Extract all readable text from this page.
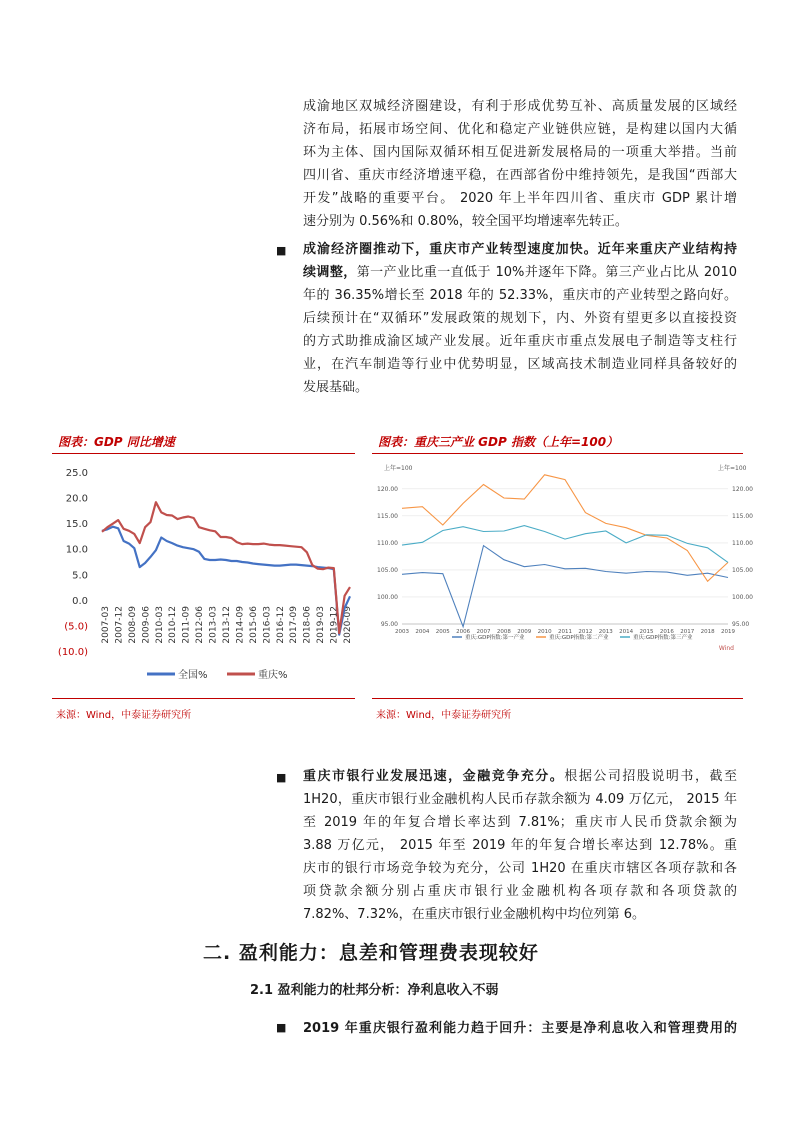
成渝地区双城经济圈建设，有利于形成优势互补、高质量发展的区域经
济布局，拓展市场空间、优化和稳定产业链供应链，是构建以国内大循
环为主体、国内国际双循环相互促进新发展格局的一项重大举措。当前
四川省、重庆市经济增速平稳，在西部省份中维持领先，是我国“西部大
开发”战略的重要平台。 2020 年上半年四川省、重庆市 GDP 累计增
速分别为 0.56%和 0.80%，较全国平均增速率先转正。
■ 成渝经济圈推动下，重庆市产业转型速度加快。近年来重庆产业结构持
续调整，第一产业比重一直低于 10%并逐年下降。第三产业占比从 2010
年的 36.35%增长至 2018 年的 52.33%，重庆市的产业转型之路向好。
后续预计在“双循环”发展政策的规划下，内、外资有望更多以直接投资
的方式助推成渝区域产业发展。近年重庆市重点发展电子制造等支柱行
业，在汽车制造等行业中优势明显，区域高技术制造业同样具备较好的
发展基础。
图表：GDP 同比增速
25.0
20.0
15.0
10.0
5.0
0.0
(5.0)
(10.0)
2007-03 2007-12 2008-09 2009-06 2010-03 2010-12 2011-09 2012-06 2013-03 2013-12 2014-09 2015-06 2016-03 2016-12 2017-09 2018-06 2019-03 2019-12 2020-09
全国%	重庆%
来源：Wind，中泰证券研究所
图表：重庆三产业 GDP 指数（上年=100）
上年=100	上年=100
120.00	120.00
115.00	115.00
110.00	110.00
105.00	105.00
100.00	100.00
95.00	95.00
2003 2004 2005 2006 2007 2008 2009 2010 2011 2012 2013 2014 2015 2016 2017 2018 2019
重庆:GDP指数:第一产业	重庆:GDP指数:第二产业	重庆:GDP指数:第三产业
Wind
来源：Wind，中泰证券研究所
■ 重庆市银行业发展迅速，金融竞争充分。根据公司招股说明书，截至
1H20，重庆市银行业金融机构人民币存款余额为 4.09 万亿元， 2015 年
至 2019 年的年复合增长率达到 7.81%；重庆市人民币贷款余额为
3.88 万亿元， 2015 年至 2019 年的年复合增长率达到 12.78%。重
庆市的银行市场竞争较为充分，公司 1H20 在重庆市辖区各项存款和各
项贷款余额分别占重庆市银行业金融机构各项存款和各项贷款的
7.82%、7.32%，在重庆市银行业金融机构中均位列第 6。
二. 盈利能力：息差和管理费表现较好
2.1 盈利能力的杜邦分析：净利息收入不弱
■ 2019 年重庆银行盈利能力趋于回升：主要是净利息收入和管理费用的
